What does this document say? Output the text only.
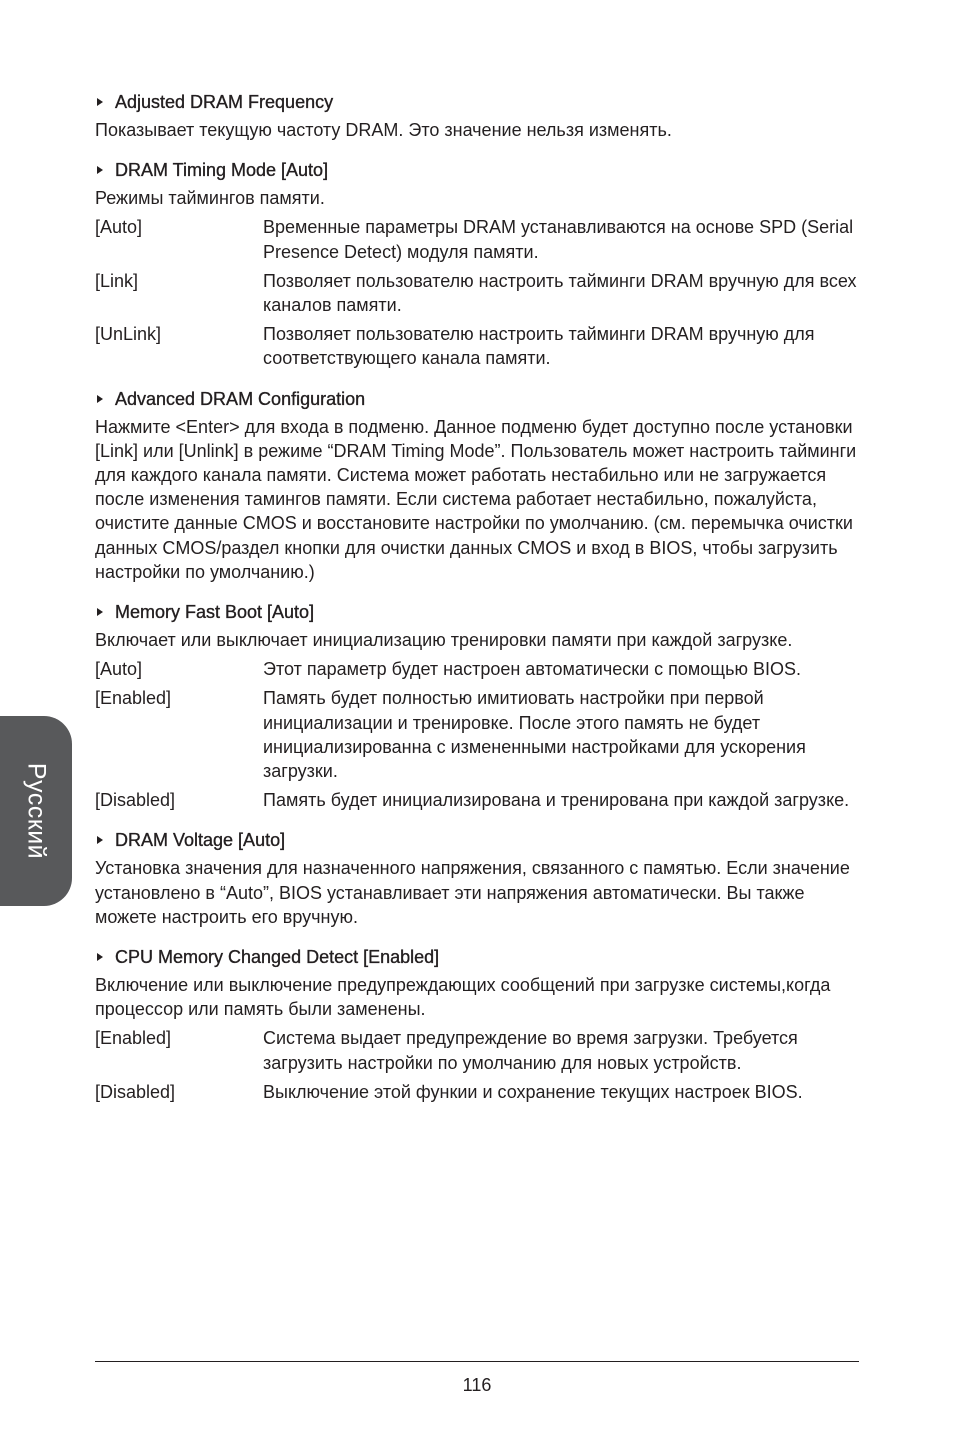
Русский
Adjusted DRAM Frequency
Показывает текущую частоту DRAM. Это значение нельзя изменять.
DRAM Timing Mode [Auto]
Режимы таймингов памяти.
[Auto]	Временные параметры DRAM устанавливаются на основе SPD (Serial Presence Detect) модуля памяти.
[Link]	Позволяет пользователю настроить тайминги DRAM вручную для всех каналов памяти.
[UnLink]	Позволяет пользователю настроить тайминги DRAM вручную для соответствующего канала памяти.
Advanced DRAM Configuration
Нажмите <Enter> для входа в подменю. Данное подменю будет доступно после установки [Link] или [Unlink] в режиме “DRAM Timing Mode”. Пользователь может настроить тайминги для каждого канала памяти. Система может работать нестабильно или не загружается после изменения тамингов памяти. Если система работает нестабильно, пожалуйста, очистите данные CMOS и восстановите настройки по умолчанию. (см. перемычка очистки данных CMOS/раздел кнопки для очистки данных CMOS и вход в BIOS, чтобы загрузить настройки по умолчанию.)
Memory Fast Boot [Auto]
Включает или выключает инициализацию тренировки памяти при каждой загрузке.
[Auto]	Этот параметр будет настроен автоматически с помощью BIOS.
[Enabled]	Память будет полностью имитиовать настройки при первой инициализации и тренировке. После этого память не будет инициализированна с измененными настройками для ускорения загрузки.
[Disabled]	Память будет инициализирована и тренирована при каждой загрузке.
DRAM Voltage [Auto]
Установка значения для назначенного напряжения, связанного с памятью. Если значение установлено в “Auto”, BIOS устанавливает эти напряжения автоматически. Вы также можете настроить его вручную.
CPU Memory Changed Detect [Enabled]
Включение или выключение предупреждающих сообщений при загрузке системы,когда процессор или память были заменены.
[Enabled]	Система выдает предупреждение во время загрузки. Требуется загрузить настройки по умолчанию для новых устройств.
[Disabled]	Выключение этой функии и сохранение текущих настроек BIOS.
116
